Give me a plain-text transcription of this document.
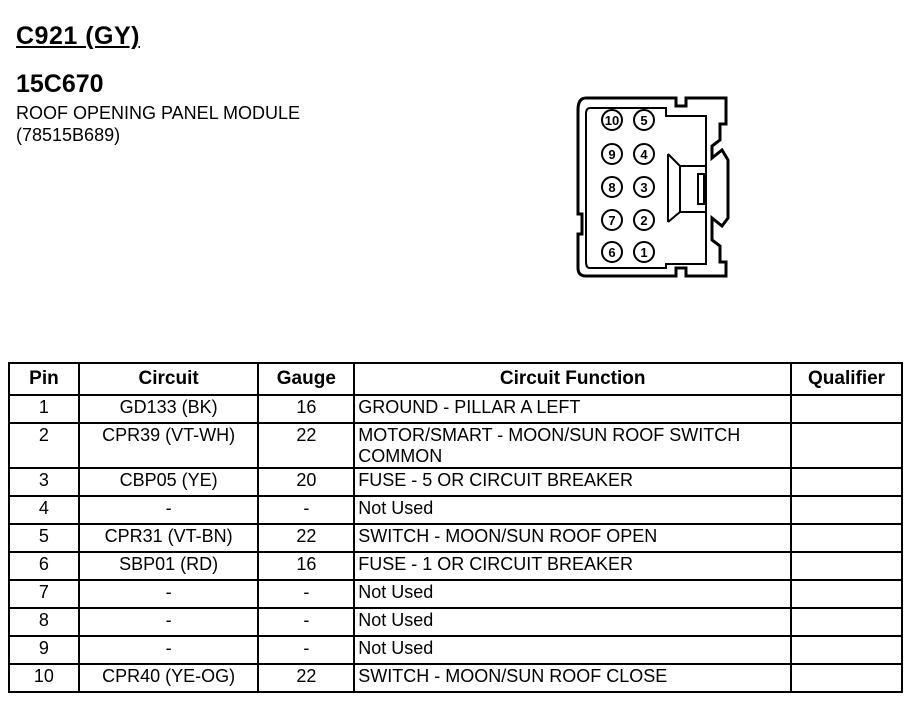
C921 (GY)
15C670
ROOF OPENING PANEL MODULE
(78515B689)
10 5
9 4
8 3
7 2
6 1
Pin	Circuit	Gauge	Circuit Function	Qualifier
1	GD133 (BK)	16	GROUND - PILLAR A LEFT	
2	CPR39 (VT-WH)	22	MOTOR/SMART - MOON/SUN ROOF SWITCH COMMON	
3	CBP05 (YE)	20	FUSE - 5 OR CIRCUIT BREAKER	
4	-	-	Not Used	
5	CPR31 (VT-BN)	22	SWITCH - MOON/SUN ROOF OPEN	
6	SBP01 (RD)	16	FUSE - 1 OR CIRCUIT BREAKER	
7	-	-	Not Used	
8	-	-	Not Used	
9	-	-	Not Used	
10	CPR40 (YE-OG)	22	SWITCH - MOON/SUN ROOF CLOSE	
